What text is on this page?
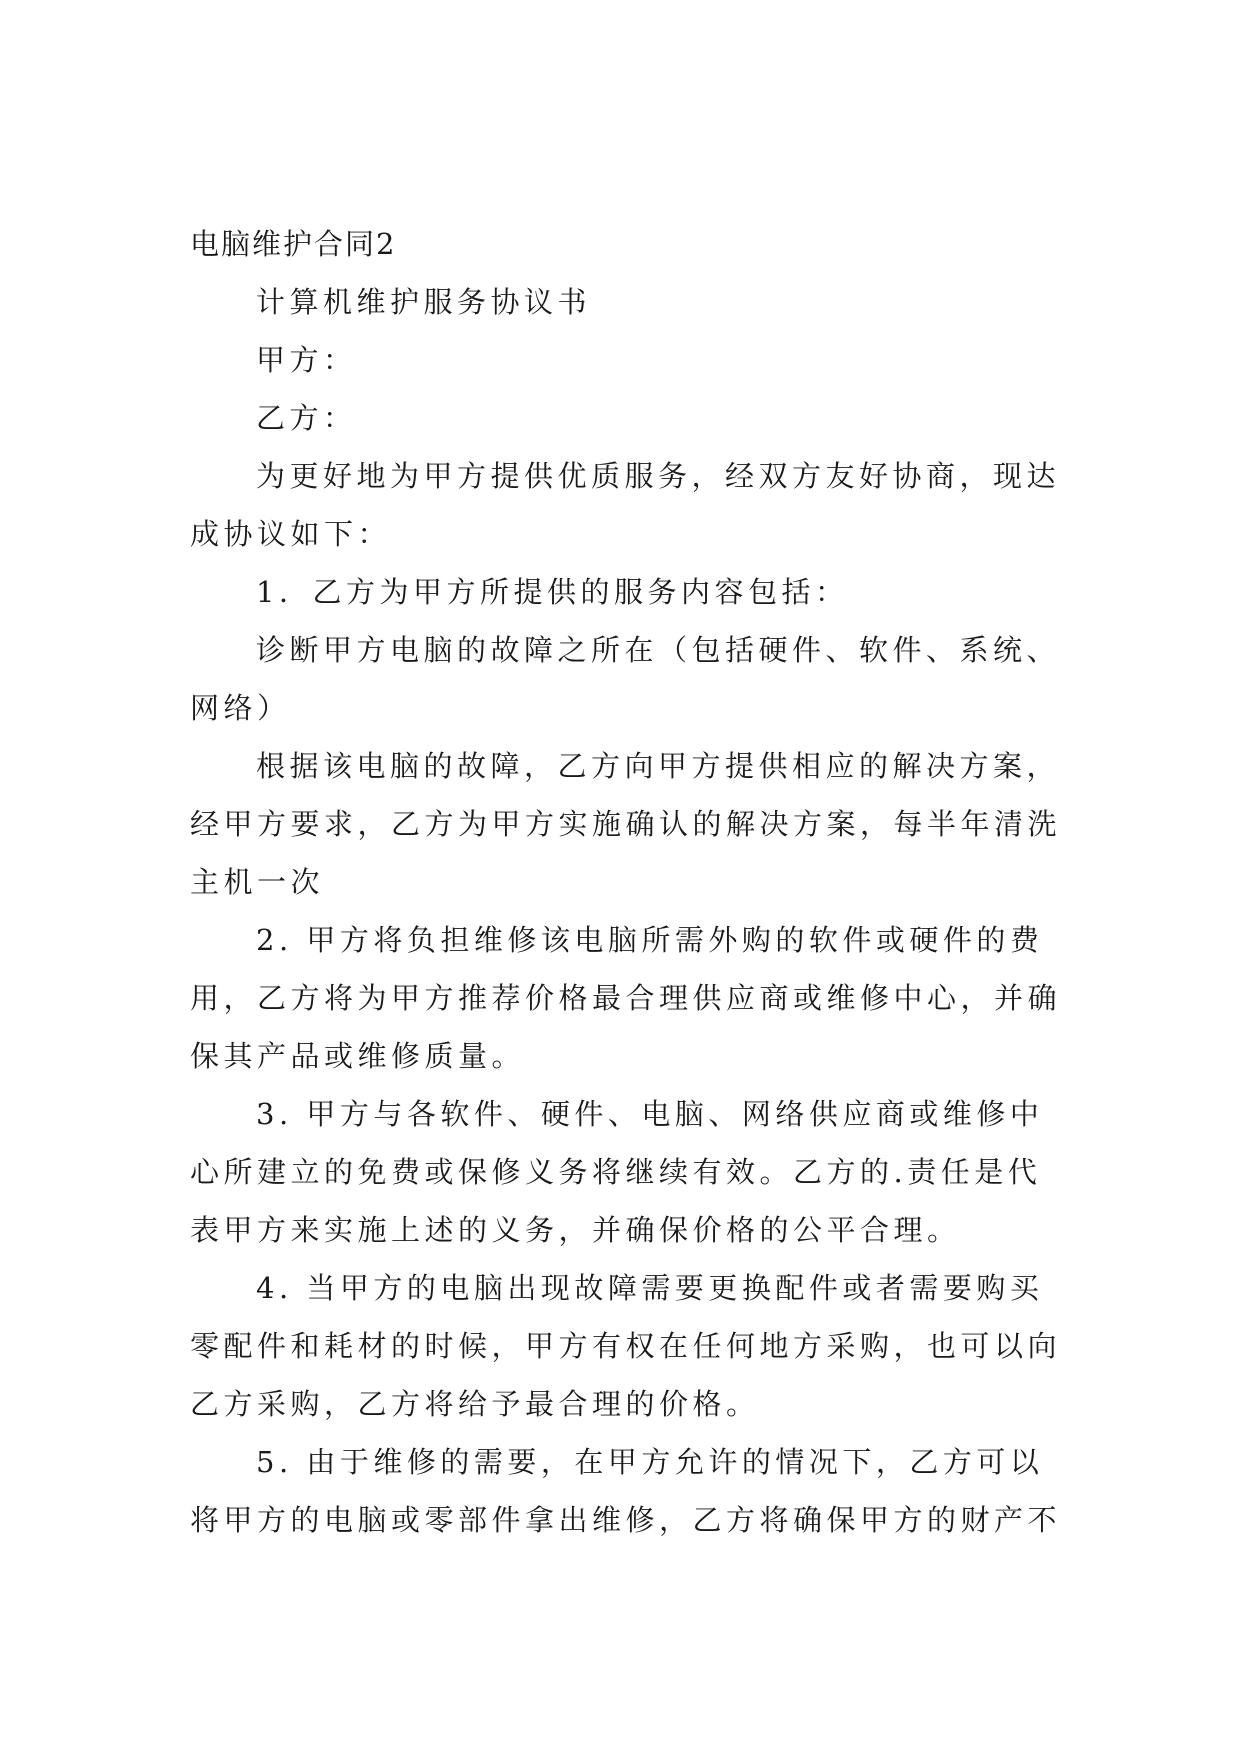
电脑维护合同2

计算机维护服务协议书

甲方：

乙方：

为更好地为甲方提供优质服务，经双方友好协商，现达

成协议如下：

1．乙方为甲方所提供的服务内容包括：

诊断甲方电脑的故障之所在（包括硬件、软件、系统、

网络）

根据该电脑的故障，乙方向甲方提供相应的解决方案，

经甲方要求，乙方为甲方实施确认的解决方案，每半年清洗

主机一次

2. 甲方将负担维修该电脑所需外购的软件或硬件的费

用，乙方将为甲方推荐价格最合理供应商或维修中心，并确

保其产品或维修质量。

3. 甲方与各软件、硬件、电脑、网络供应商或维修中

心所建立的免费或保修义务将继续有效。乙方的.责任是代

表甲方来实施上述的义务，并确保价格的公平合理。

4. 当甲方的电脑出现故障需要更换配件或者需要购买

零配件和耗材的时候，甲方有权在任何地方采购，也可以向

乙方采购，乙方将给予最合理的价格。

5. 由于维修的需要，在甲方允许的情况下，乙方可以

将甲方的电脑或零部件拿出维修，乙方将确保甲方的财产不
